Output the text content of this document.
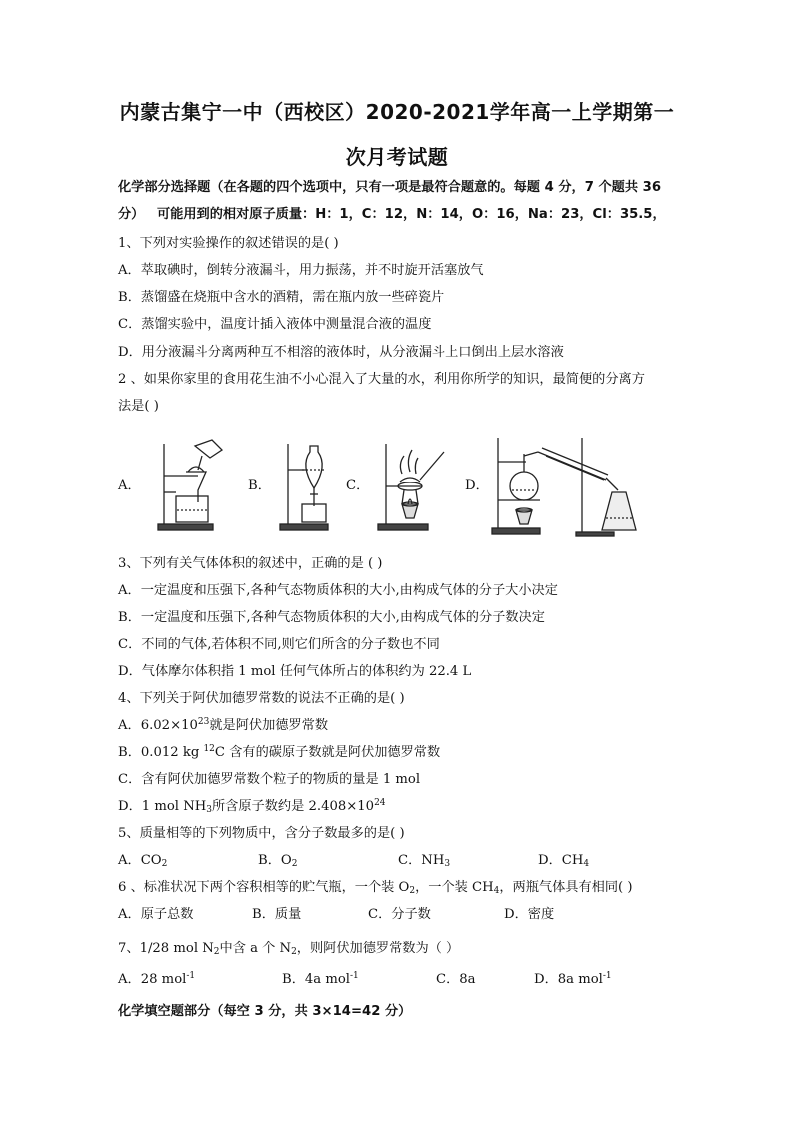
内蒙古集宁一中（西校区）2020-2021学年高一上学期第一
次月考试题
化学部分选择题（在各题的四个选项中，只有一项是最符合题意的。每题 4 分，7 个题共 36
分） 可能用到的相对原子质量：H：1，C：12，N：14，O：16，Na：23，Cl：35.5，
1、下列对实验操作的叙述错误的是( )
A．萃取碘时，倒转分液漏斗，用力振荡，并不时旋开活塞放气
B．蒸馏盛在烧瓶中含水的酒精，需在瓶内放一些碎瓷片
C．蒸馏实验中，温度计插入液体中测量混合液的温度
D．用分液漏斗分离两种互不相溶的液体时，从分液漏斗上口倒出上层水溶液
2 、如果你家里的食用花生油不小心混入了大量的水，利用你所学的知识，最简便的分离方
法是( )
A．	B．	C．	D．
3、下列有关气体体积的叙述中，正确的是 ( )
A．一定温度和压强下,各种气态物质体积的大小,由构成气体的分子大小决定
B．一定温度和压强下,各种气态物质体积的大小,由构成气体的分子数决定
C．不同的气体,若体积不同,则它们所含的分子数也不同
D．气体摩尔体积指 1 mol 任何气体所占的体积约为 22.4 L
4、下列关于阿伏加德罗常数的说法不正确的是( )
A．$6.02\times 10^{23}$就是阿伏加德罗常数
B．0.012 kg $^{12}$C 含有的碳原子数就是阿伏加德罗常数
C．含有阿伏加德罗常数个粒子的物质的量是 1 mol
D．1 mol $NH_3$所含原子数约是 $2.408\times 10^{24}$
5、质量相等的下列物质中，含分子数最多的是( )
A．$CO_2$	B．$O_2$	C．$NH_3$	D．$CH_4$
6 、标准状况下两个容积相等的贮气瓶，一个装 $O_2$，一个装 $CH_4$，两瓶气体具有相同( )
A．原子总数	B．质量	C．分子数	D．密度
7、1/28 mol $N_2$中含 a 个 $N_2$，则阿伏加德罗常数为（ ）
A．28 mol$^{-1}$	B．4a mol$^{-1}$	C．8a	D．8a mol$^{-1}$
化学填空题部分（每空 3 分，共 3×14=42 分）
